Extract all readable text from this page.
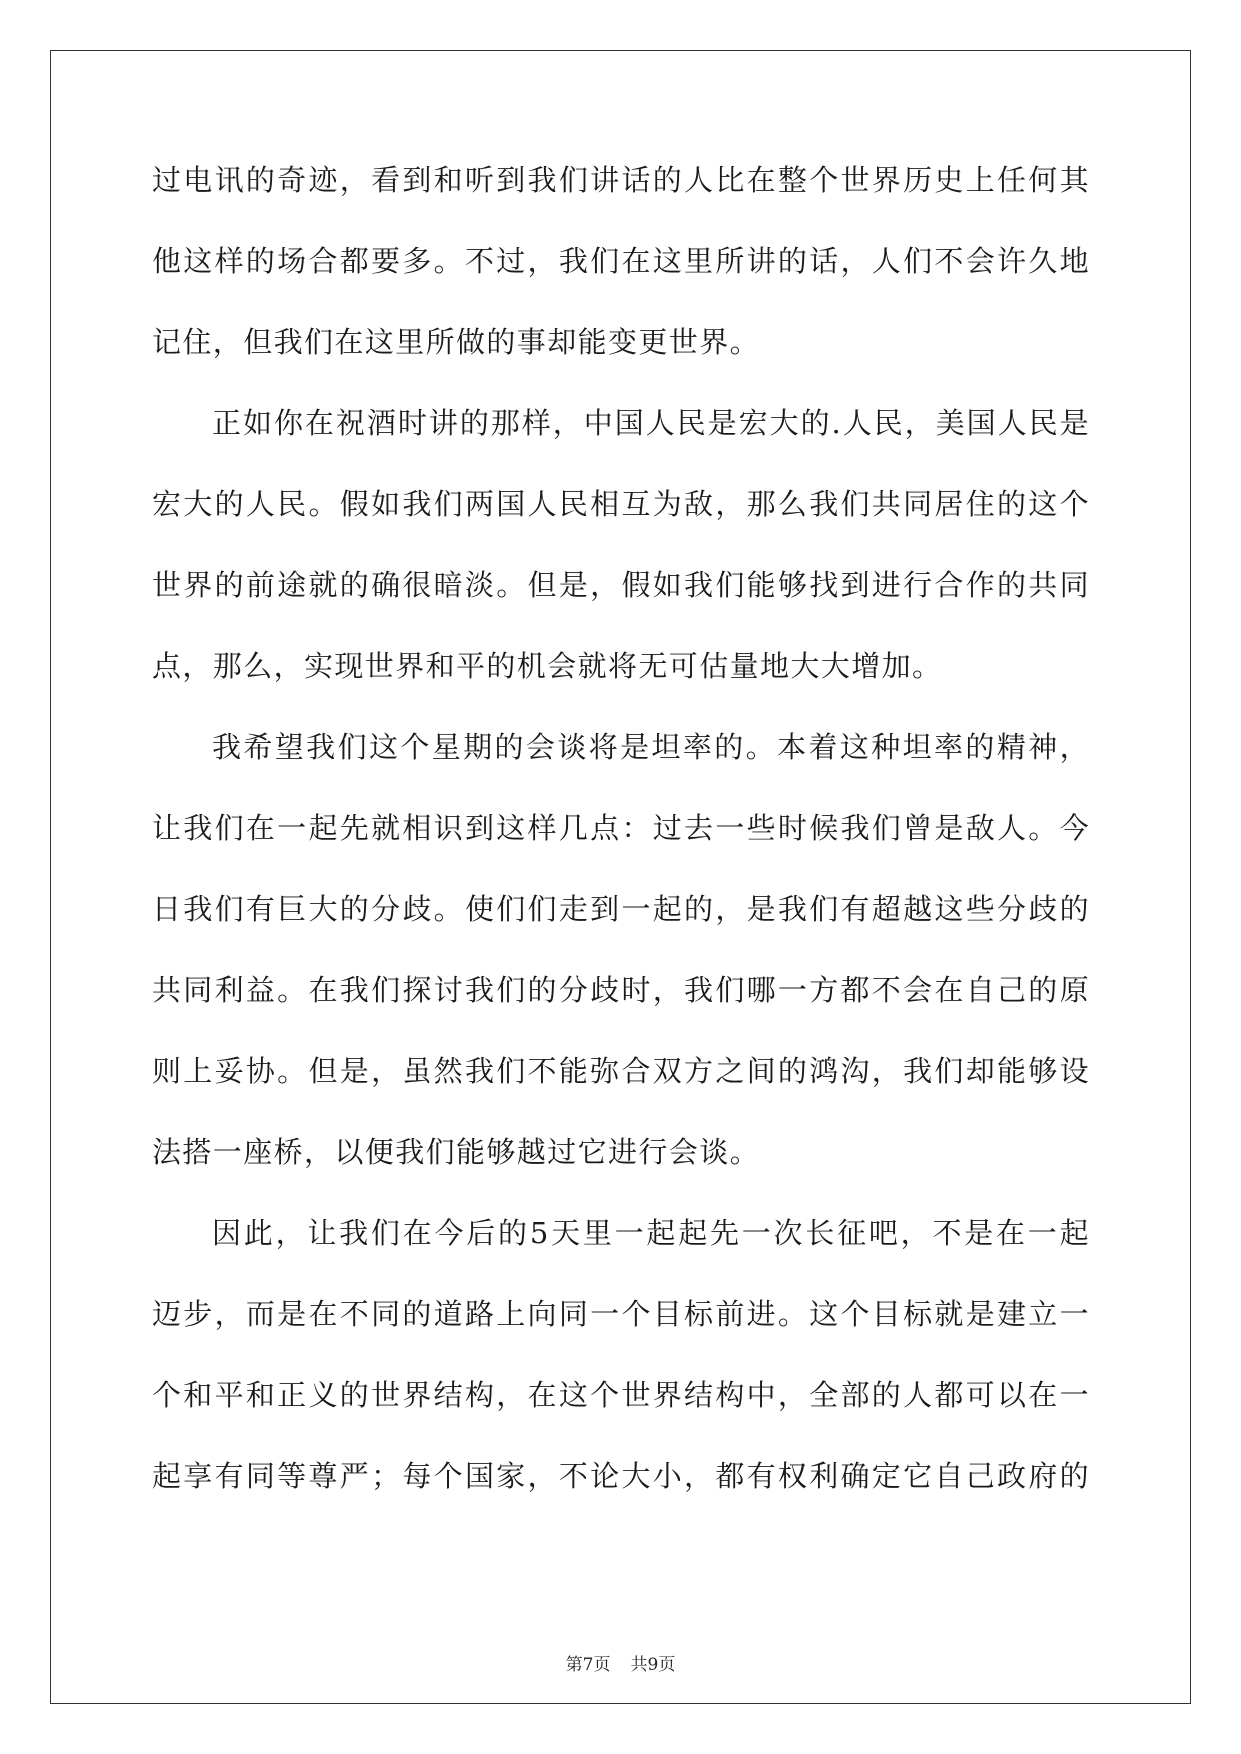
过电讯的奇迹，看到和听到我们讲话的人比在整个世界历史上任何其
他这样的场合都要多。不过，我们在这里所讲的话，人们不会许久地
记住，但我们在这里所做的事却能变更世界。
正如你在祝酒时讲的那样，中国人民是宏大的.人民，美国人民是
宏大的人民。假如我们两国人民相互为敌，那么我们共同居住的这个
世界的前途就的确很暗淡。但是，假如我们能够找到进行合作的共同
点，那么，实现世界和平的机会就将无可估量地大大增加。
我希望我们这个星期的会谈将是坦率的。本着这种坦率的精神，
让我们在一起先就相识到这样几点：过去一些时候我们曾是敌人。今
日我们有巨大的分歧。使们们走到一起的，是我们有超越这些分歧的
共同利益。在我们探讨我们的分歧时，我们哪一方都不会在自己的原
则上妥协。但是，虽然我们不能弥合双方之间的鸿沟，我们却能够设
法搭一座桥，以便我们能够越过它进行会谈。
因此，让我们在今后的5天里一起起先一次长征吧，不是在一起
迈步，而是在不同的道路上向同一个目标前进。这个目标就是建立一
个和平和正义的世界结构，在这个世界结构中，全部的人都可以在一
起享有同等尊严；每个国家，不论大小，都有权利确定它自己政府的
第7页 共9页
